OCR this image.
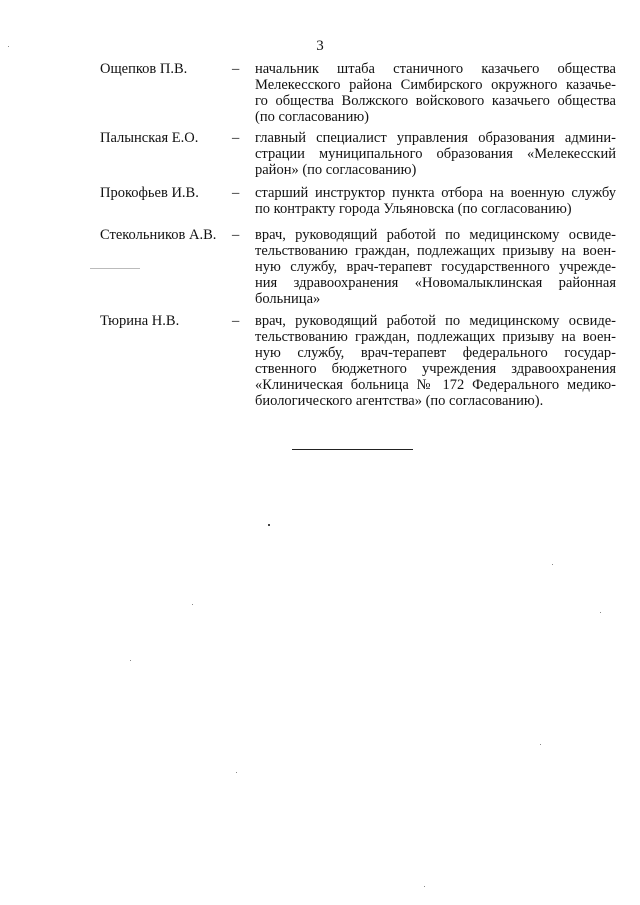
3
Ощепков П.В.	– начальник штаба станичного казачьего общества
Мелекесского района Симбирского окружного казачье-
го общества Волжского войскового казачьего общества
(по согласованию)
Палынская Е.О. – главный специалист управления образования админи-
страции муниципального образования «Мелекесский
район» (по согласованию)
Прокофьев И.В. – старший инструктор пункта отбора на военную службу
по контракту города Ульяновска (по согласованию)
Стекольников А.В. – врач, руководящий работой по медицинскому освиде-
тельствованию граждан, подлежащих призыву на воен-
ную службу, врач-терапевт государственного учрежде-
ния здравоохранения «Новомалыклинская районная
больница»
Тюрина Н.В.	– врач, руководящий работой по медицинскому освиде-
тельствованию граждан, подлежащих призыву на воен-
ную службу, врач-терапевт федерального государ-
ственного бюджетного учреждения здравоохранения
«Клиническая больница № 172 Федерального медико-
биологического агентства» (по согласованию).
